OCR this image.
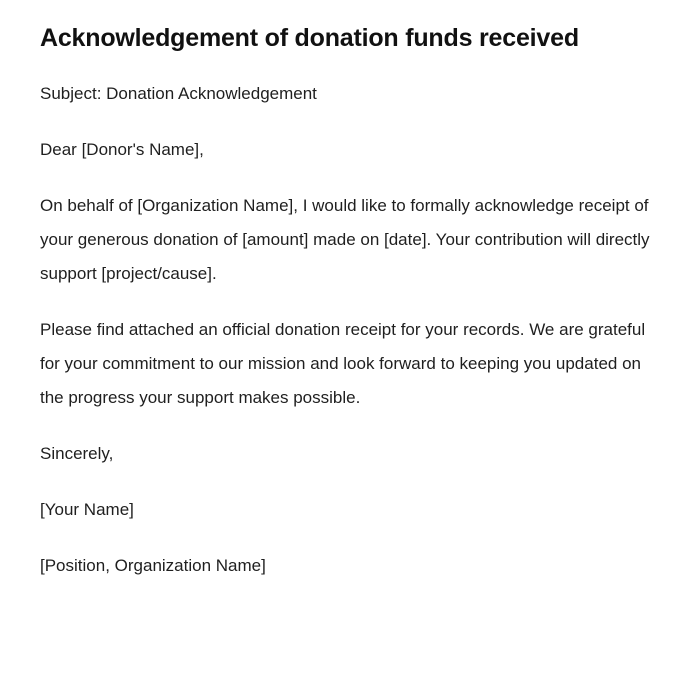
Acknowledgement of donation funds received

Subject: Donation Acknowledgement

Dear [Donor's Name],

On behalf of [Organization Name], I would like to formally acknowledge receipt of your generous donation of [amount] made on [date]. Your contribution will directly support [project/cause].

Please find attached an official donation receipt for your records. We are grateful for your commitment to our mission and look forward to keeping you updated on the progress your support makes possible.

Sincerely,

[Your Name]

[Position, Organization Name]
